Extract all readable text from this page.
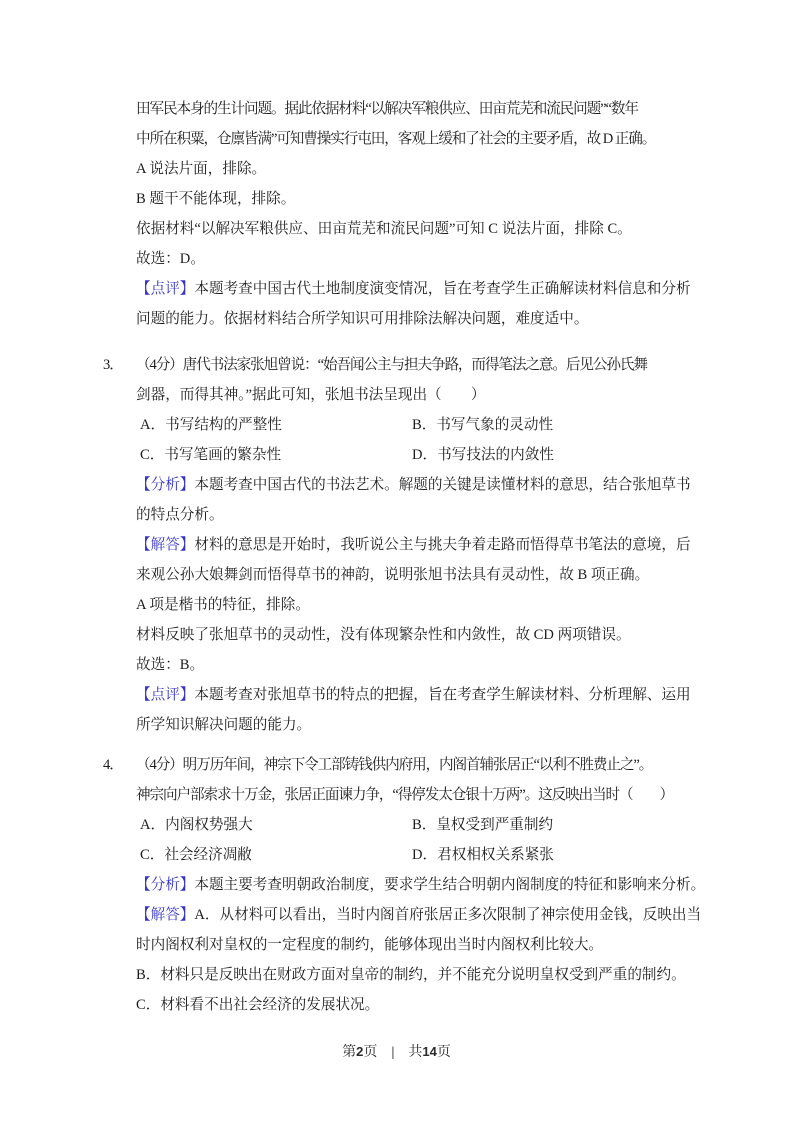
田军民本身的生计问题。据此依据材料“以解决军粮供应、田亩荒芜和流民问题”“数年
中所在积粟，仓廪皆满”可知曹操实行屯田，客观上缓和了社会的主要矛盾，故 D 正确。
A 说法片面，排除。
B 题干不能体现，排除。
依据材料“以解决军粮供应、田亩荒芜和流民问题”可知 C 说法片面，排除 C。
故选：D。
【点评】本题考查中国古代土地制度演变情况，旨在考查学生正确解读材料信息和分析
问题的能力。依据材料结合所学知识可用排除法解决问题，难度适中。
3． （4分）唐代书法家张旭曾说：“始吾闻公主与担夫争路，而得笔法之意。后见公孙氏舞
剑器，而得其神。”据此可知，张旭书法呈现出（　　）
A．书写结构的严整性	B．书写气象的灵动性
C．书写笔画的繁杂性	D．书写技法的内敛性
【分析】本题考查中国古代的书法艺术。解题的关键是读懂材料的意思，结合张旭草书
的特点分析。
【解答】材料的意思是开始时，我听说公主与挑夫争着走路而悟得草书笔法的意境，后
来观公孙大娘舞剑而悟得草书的神韵，说明张旭书法具有灵动性，故 B 项正确。
A 项是楷书的特征，排除。
材料反映了张旭草书的灵动性，没有体现繁杂性和内敛性，故 CD 两项错误。
故选：B。
【点评】本题考查对张旭草书的特点的把握，旨在考查学生解读材料、分析理解、运用
所学知识解决问题的能力。
4． （4分）明万历年间，神宗下令工部铸钱供内府用，内阁首辅张居正“以利不胜费止之”。
神宗向户部索求十万金，张居正面谏力争，“得停发太仓银十万两”。这反映出当时（　　）
A．内阁权势强大	B．皇权受到严重制约
C．社会经济凋敝	D．君权相权关系紧张
【分析】本题主要考查明朝政治制度，要求学生结合明朝内阁制度的特征和影响来分析。
【解答】A．从材料可以看出，当时内阁首府张居正多次限制了神宗使用金钱，反映出当
时内阁权利对皇权的一定程度的制约，能够体现出当时内阁权利比较大。
B．材料只是反映出在财政方面对皇帝的制约，并不能充分说明皇权受到严重的制约。
C．材料看不出社会经济的发展状况。
第2页 | 共14页
